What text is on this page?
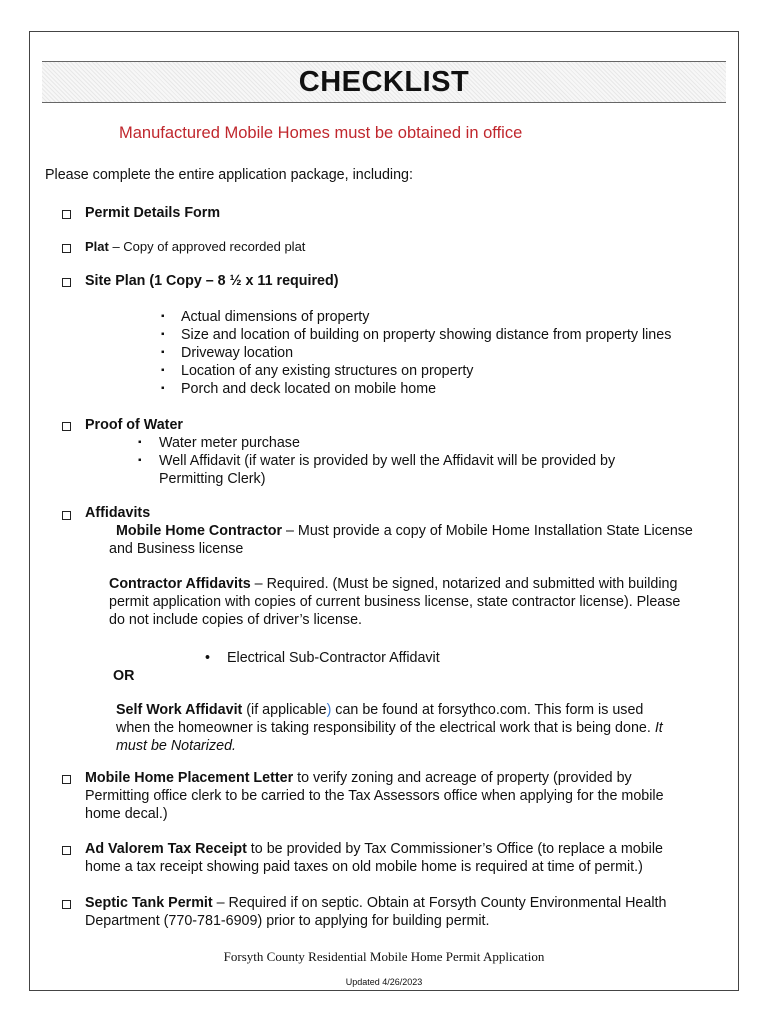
CHECKLIST
Manufactured Mobile Homes must be obtained in office
Please complete the entire application package, including:
Permit Details Form
Plat – Copy of approved recorded plat
Site Plan (1 Copy – 8 ½ x 11 required)
▪ Actual dimensions of property
▪ Size and location of building on property showing distance from property lines
▪ Driveway location
▪ Location of any existing structures on property
▪ Porch and deck located on mobile home
Proof of Water
▪ Water meter purchase
▪ Well Affidavit (if water is provided by well the Affidavit will be provided by
Permitting Clerk)
Affidavits
Mobile Home Contractor – Must provide a copy of Mobile Home Installation State License
and Business license
Contractor Affidavits – Required. (Must be signed, notarized and submitted with building
permit application with copies of current business license, state contractor license). Please
do not include copies of driver’s license.
• Electrical Sub-Contractor Affidavit
OR
Self Work Affidavit (if applicable) can be found at forsythco.com. This form is used
when the homeowner is taking responsibility of the electrical work that is being done. It
must be Notarized.
Mobile Home Placement Letter to verify zoning and acreage of property (provided by
Permitting office clerk to be carried to the Tax Assessors office when applying for the mobile
home decal.)
Ad Valorem Tax Receipt to be provided by Tax Commissioner’s Office (to replace a mobile
home a tax receipt showing paid taxes on old mobile home is required at time of permit.)
Septic Tank Permit – Required if on septic. Obtain at Forsyth County Environmental Health
Department (770-781-6909) prior to applying for building permit.
Forsyth County Residential Mobile Home Permit Application
Updated 4/26/2023
